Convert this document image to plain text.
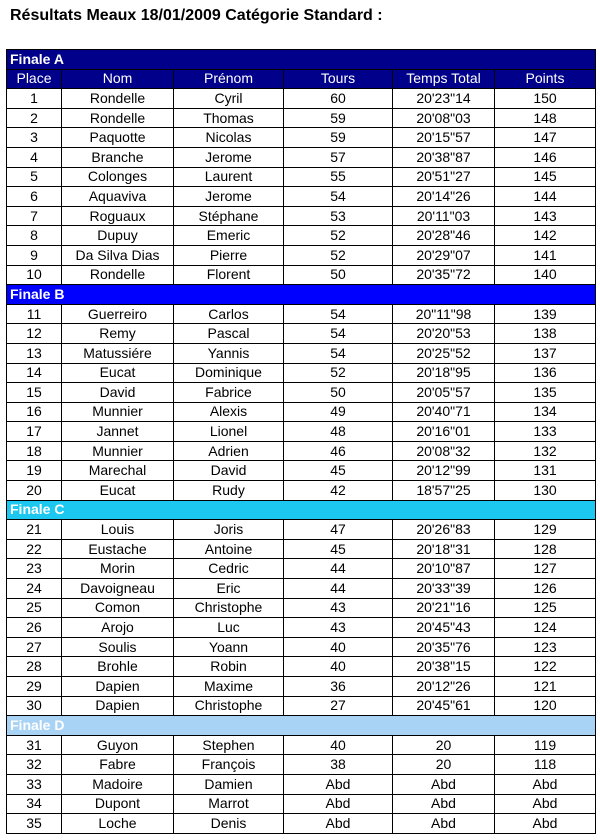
Résultats Meaux 18/01/2009 Catégorie Standard :
Finale A					
Place	Nom	Prénom	Tours	Temps Total	Points
1	Rondelle	Cyril	60	20'23"14	150
2	Rondelle	Thomas	59	20'08"03	148
3	Paquotte	Nicolas	59	20'15"57	147
4	Branche	Jerome	57	20'38"87	146
5	Colonges	Laurent	55	20'51"27	145
6	Aquaviva	Jerome	54	20'14"26	144
7	Roguaux	Stéphane	53	20'11"03	143
8	Dupuy	Emeric	52	20'28"46	142
9	Da Silva Dias	Pierre	52	20'29"07	141
10	Rondelle	Florent	50	20'35"72	140
Finale B					
11	Guerreiro	Carlos	54	20"11"98	139
12	Remy	Pascal	54	20'20"53	138
13	Matussiére	Yannis	54	20'25"52	137
14	Eucat	Dominique	52	20'18"95	136
15	David	Fabrice	50	20'05"57	135
16	Munnier	Alexis	49	20'40"71	134
17	Jannet	Lionel	48	20'16"01	133
18	Munnier	Adrien	46	20'08"32	132
19	Marechal	David	45	20'12"99	131
20	Eucat	Rudy	42	18'57"25	130
Finale C					
21	Louis	Joris	47	20'26"83	129
22	Eustache	Antoine	45	20'18"31	128
23	Morin	Cedric	44	20'10"87	127
24	Davoigneau	Eric	44	20'33"39	126
25	Comon	Christophe	43	20'21"16	125
26	Arojo	Luc	43	20'45"43	124
27	Soulis	Yoann	40	20'35"76	123
28	Brohle	Robin	40	20'38"15	122
29	Dapien	Maxime	36	20'12"26	121
30	Dapien	Christophe	27	20'45"61	120
Finale D					
31	Guyon	Stephen	40	20	119
32	Fabre	François	38	20	118
33	Madoire	Damien	Abd	Abd	Abd
34	Dupont	Marrot	Abd	Abd	Abd
35	Loche	Denis	Abd	Abd	Abd
